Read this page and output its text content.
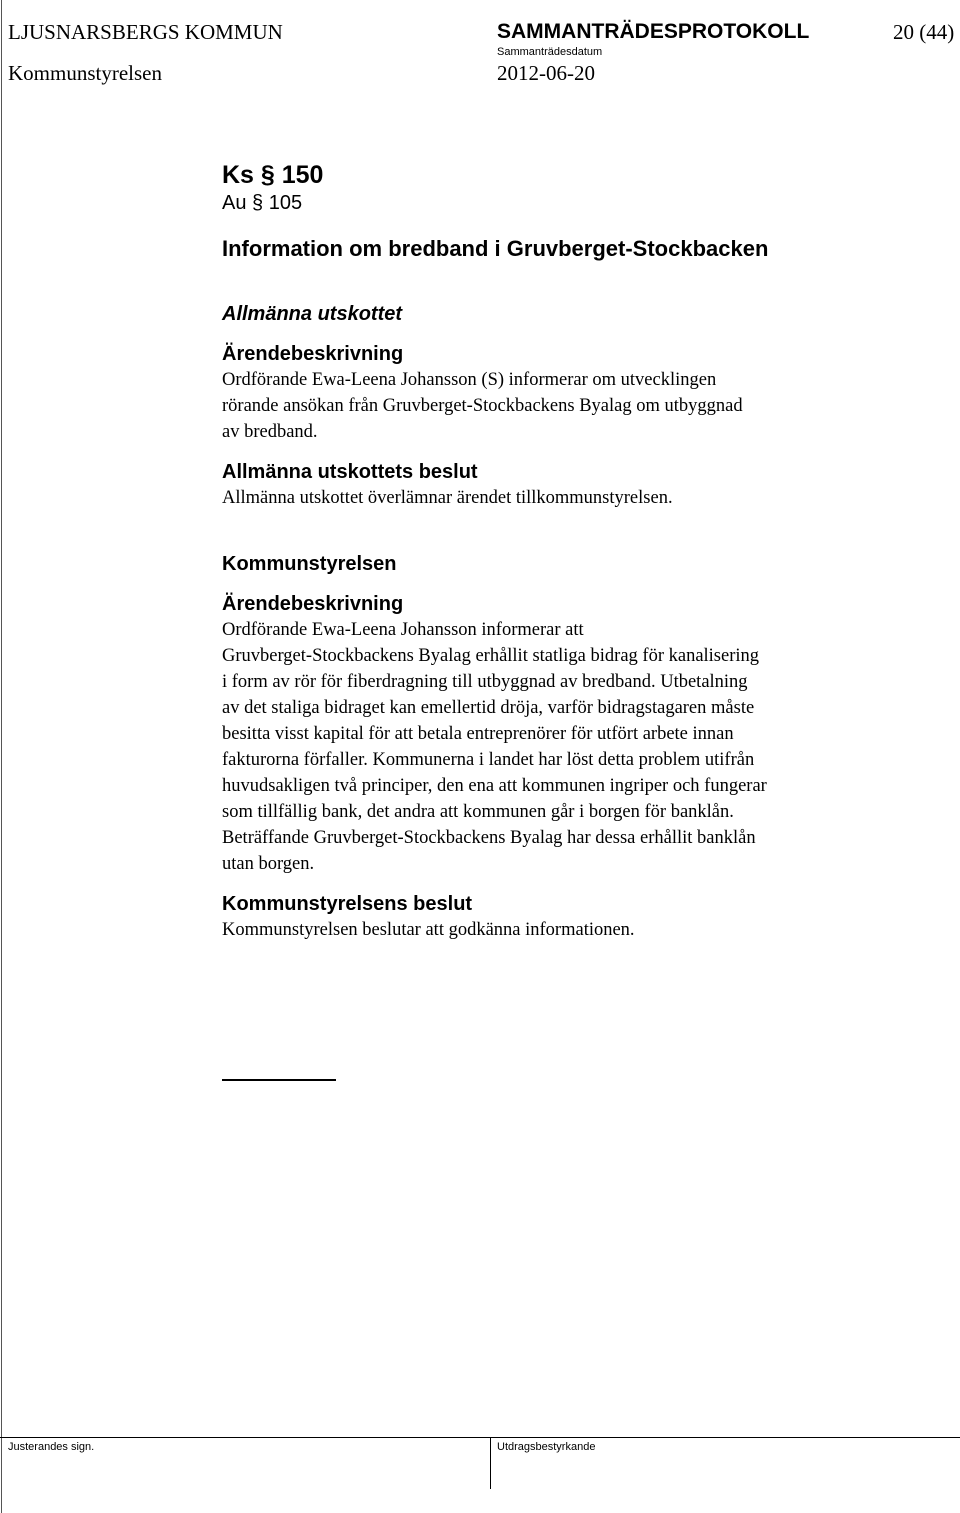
LJUSNARSBERGS KOMMUN	SAMMANTRÄDESPROTOKOLL	20 (44)
Sammanträdesdatum
Kommunstyrelsen	2012-06-20

Ks § 150

Au § 105

Information om bredband i Gruvberget-Stockbacken

Allmänna utskottet

Ärendebeskrivning

Ordförande Ewa-Leena Johansson (S) informerar om utvecklingen

rörande ansökan från Gruvberget-Stockbackens Byalag om utbyggnad

av bredband.

Allmänna utskottets beslut

Allmänna utskottet överlämnar ärendet tillkommunstyrelsen.

Kommunstyrelsen

Ärendebeskrivning

Ordförande Ewa-Leena Johansson informerar att

Gruvberget-Stockbackens Byalag erhållit statliga bidrag för kanalisering

i form av rör för fiberdragning till utbyggnad av bredband. Utbetalning

av det staliga bidraget kan emellertid dröja, varför bidragstagaren måste

besitta visst kapital för att betala entreprenörer för utfört arbete innan

fakturorna förfaller. Kommunerna i landet har löst detta problem utifrån

huvudsakligen två principer, den ena att kommunen ingriper och fungerar

som tillfällig bank, det andra att kommunen går i borgen för banklån.

Beträffande Gruvberget-Stockbackens Byalag har dessa erhållit banklån

utan borgen.

Kommunstyrelsens beslut

Kommunstyrelsen beslutar att godkänna informationen.

Justerandes sign.	Utdragsbestyrkande
